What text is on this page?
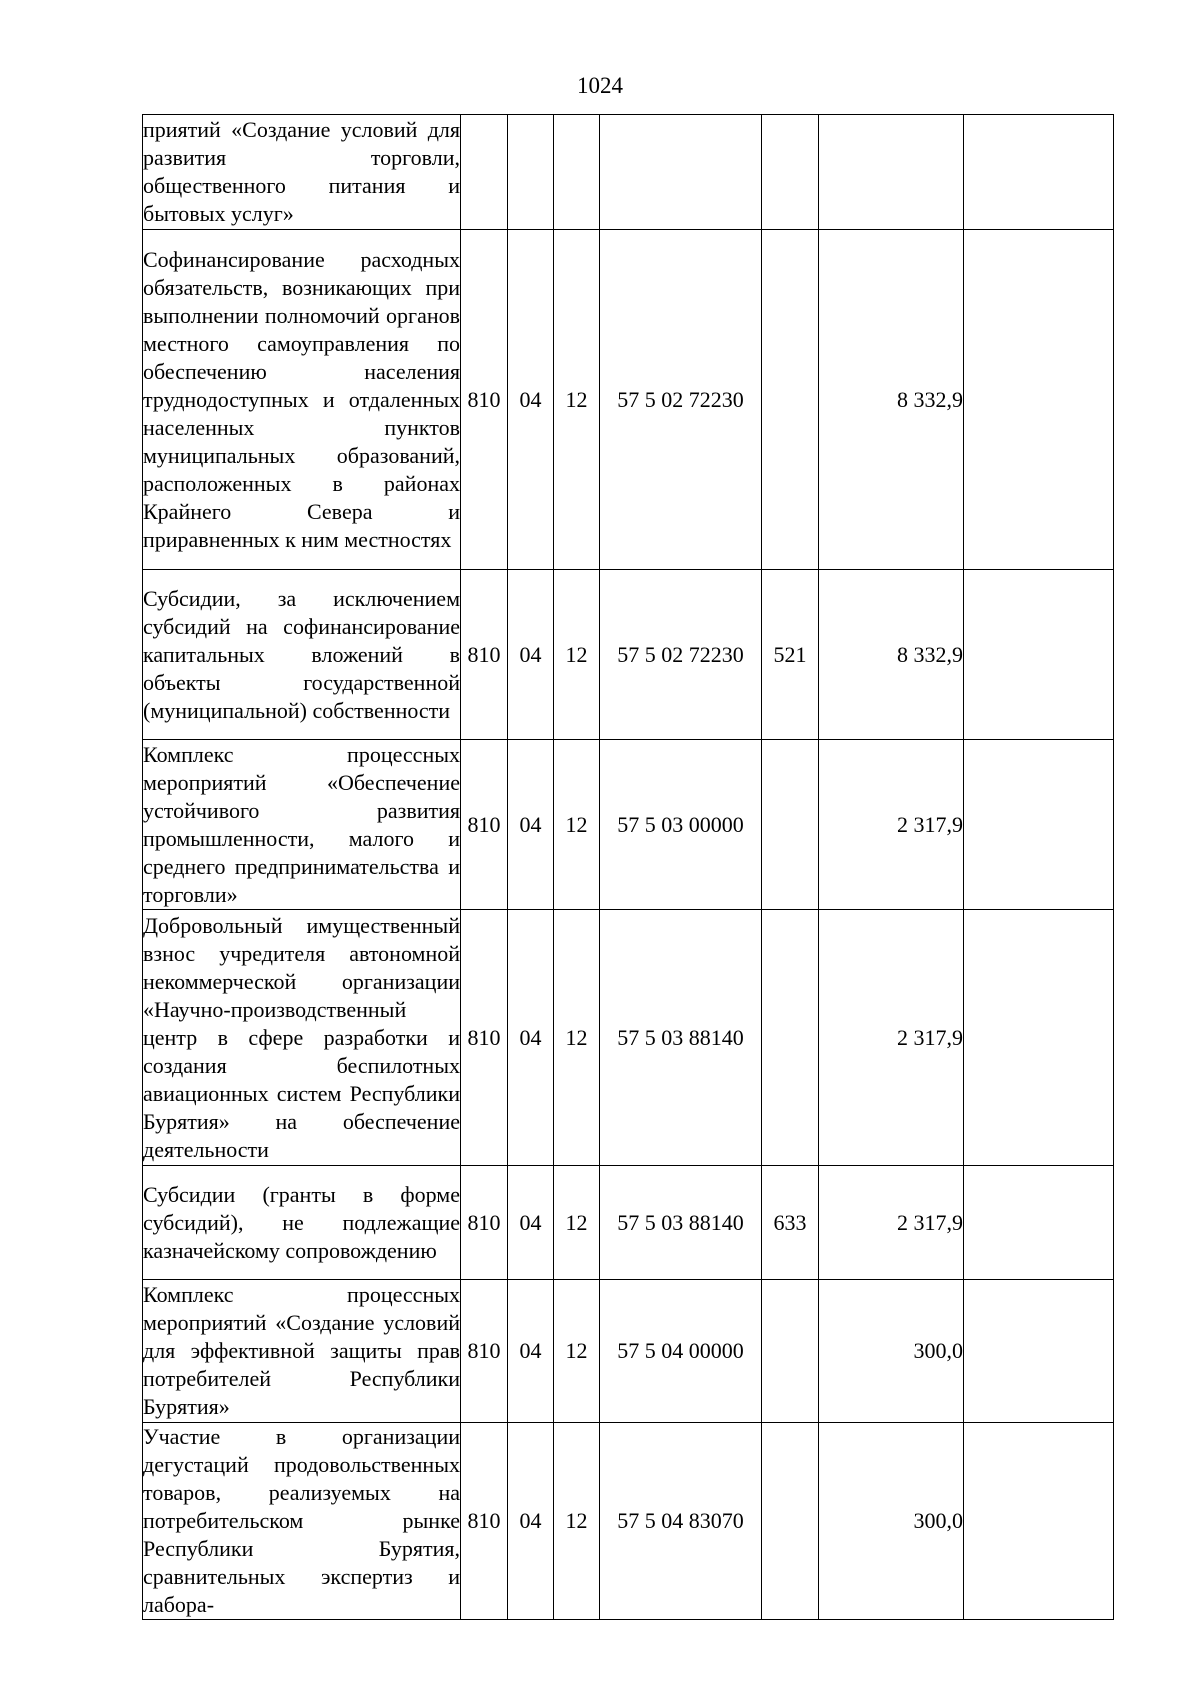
1024
приятий «Создание условий для развития торговли, общественного питания и бытовых услуг»							
Софинансирование расходных обязательств, возникающих при выполнении полномочий органов местного самоуправления по обеспечению населения труднодоступных и отдаленных населенных пунктов муниципальных образований, расположенных в районах Крайнего Севера и приравненных к ним местностях	810	04	12	57 5 02 72230		8 332,9	
Субсидии, за исключением субсидий на софинансирование капитальных вложений в объекты государственной (муниципальной) собственности	810	04	12	57 5 02 72230	521	8 332,9	
Комплекс процессных мероприятий «Обеспечение устойчивого развития промышленности, малого и среднего предпринимательства и торговли»	810	04	12	57 5 03 00000		2 317,9	
Добровольный имущественный взнос учредителя автономной некоммерческой организации «Научно-производственный центр в сфере разработки и создания беспилотных авиационных систем Республики Бурятия» на обеспечение деятельности	810	04	12	57 5 03 88140		2 317,9	
Субсидии (гранты в форме субсидий), не подлежащие казначейскому сопровождению	810	04	12	57 5 03 88140	633	2 317,9	
Комплекс процессных мероприятий «Создание условий для эффективной защиты прав потребителей Республики Бурятия»	810	04	12	57 5 04 00000		300,0	
Участие в организации дегустаций продовольственных товаров, реализуемых на потребительском рынке Республики Бурятия, сравнительных экспертиз и лабора-	810	04	12	57 5 04 83070		300,0	
